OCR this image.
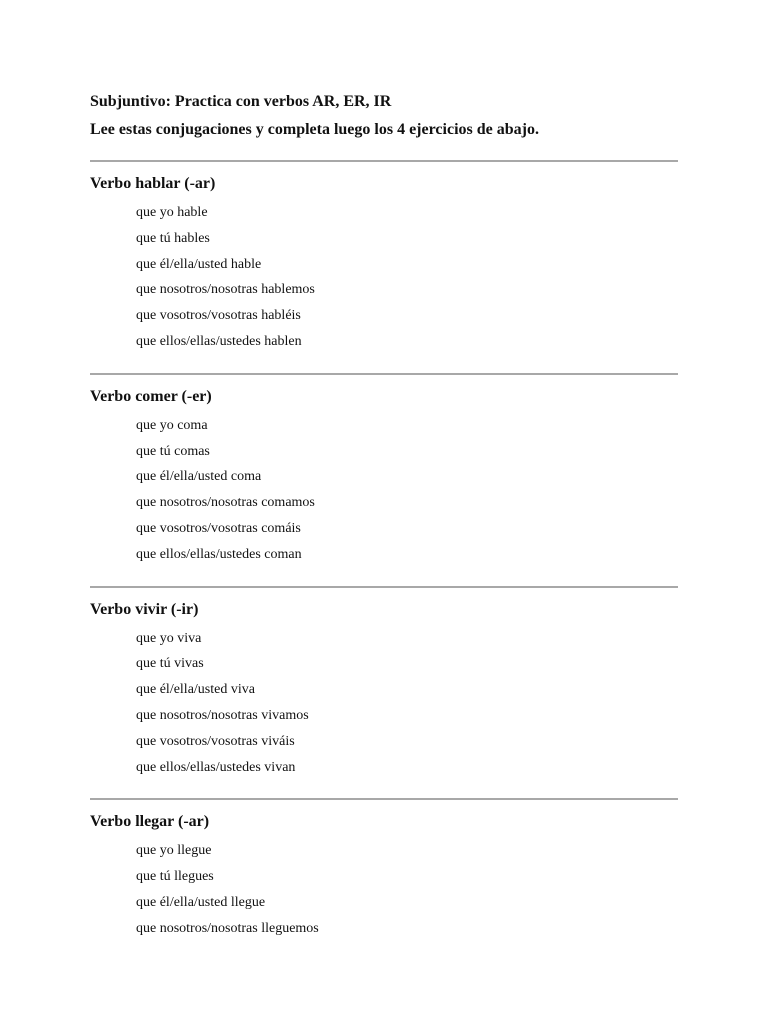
Subjuntivo: Practica con verbos AR, ER, IR
Lee estas conjugaciones y completa luego los 4 ejercicios de abajo.
Verbo hablar (-ar)
que yo hable
que tú hables
que él/ella/usted hable
que nosotros/nosotras hablemos
que vosotros/vosotras habléis
que ellos/ellas/ustedes hablen
Verbo comer (-er)
que yo coma
que tú comas
que él/ella/usted coma
que nosotros/nosotras comamos
que vosotros/vosotras comáis
que ellos/ellas/ustedes coman
Verbo vivir (-ir)
que yo viva
que tú vivas
que él/ella/usted viva
que nosotros/nosotras vivamos
que vosotros/vosotras viváis
que ellos/ellas/ustedes vivan
Verbo llegar (-ar)
que yo llegue
que tú llegues
que él/ella/usted llegue
que nosotros/nosotras lleguemos
